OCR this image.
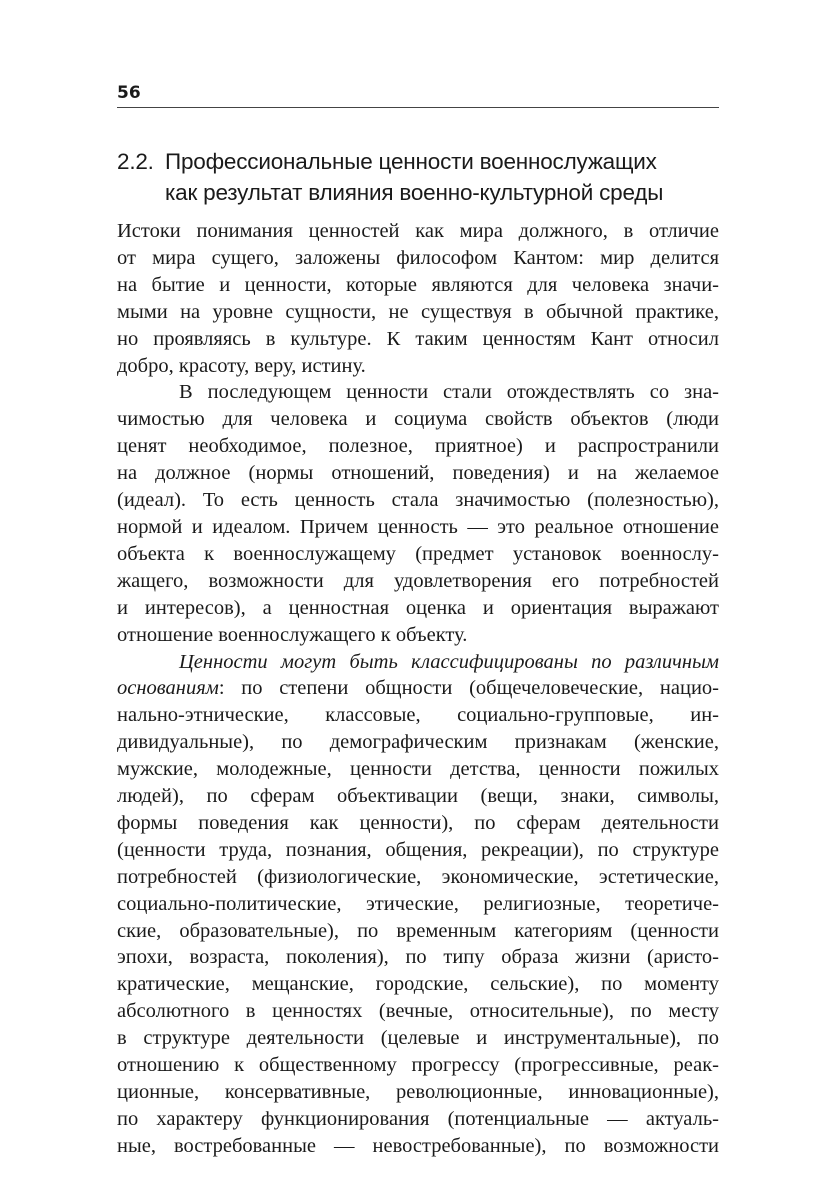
56
2.2. Профессиональные ценности военнослужащих
как результат влияния военно-культурной среды
Истоки понимания ценностей как мира должного, в отличие
от мира сущего, заложены философом Кантом: мир делится
на бытие и ценности, которые являются для человека значи-
мыми на уровне сущности, не существуя в обычной практике,
но проявляясь в культуре. К таким ценностям Кант относил
добро, красоту, веру, истину.
В последующем ценности стали отождествлять со зна-
чимостью для человека и социума свойств объектов (люди
ценят необходимое, полезное, приятное) и распространили
на должное (нормы отношений, поведения) и на желаемое
(идеал). То есть ценность стала значимостью (полезностью),
нормой и идеалом. Причем ценность — это реальное отношение
объекта к военнослужащему (предмет установок военнослу-
жащего, возможности для удовлетворения его потребностей
и интересов), а ценностная оценка и ориентация выражают
отношение военнослужащего к объекту.
Ценности могут быть классифицированы по различным
основаниям: по степени общности (общечеловеческие, нацио-
нально-этнические, классовые, социально-групповые, ин-
дивидуальные), по демографическим признакам (женские,
мужские, молодежные, ценности детства, ценности пожилых
людей), по сферам объективации (вещи, знаки, символы,
формы поведения как ценности), по сферам деятельности
(ценности труда, познания, общения, рекреации), по структуре
потребностей (физиологические, экономические, эстетические,
социально-политические, этические, религиозные, теоретиче-
ские, образовательные), по временным категориям (ценности
эпохи, возраста, поколения), по типу образа жизни (аристо-
кратические, мещанские, городские, сельские), по моменту
абсолютного в ценностях (вечные, относительные), по месту
в структуре деятельности (целевые и инструментальные), по
отношению к общественному прогрессу (прогрессивные, реак-
ционные, консервативные, революционные, инновационные),
по характеру функционирования (потенциальные — актуаль-
ные, востребованные — невостребованные), по возможности
